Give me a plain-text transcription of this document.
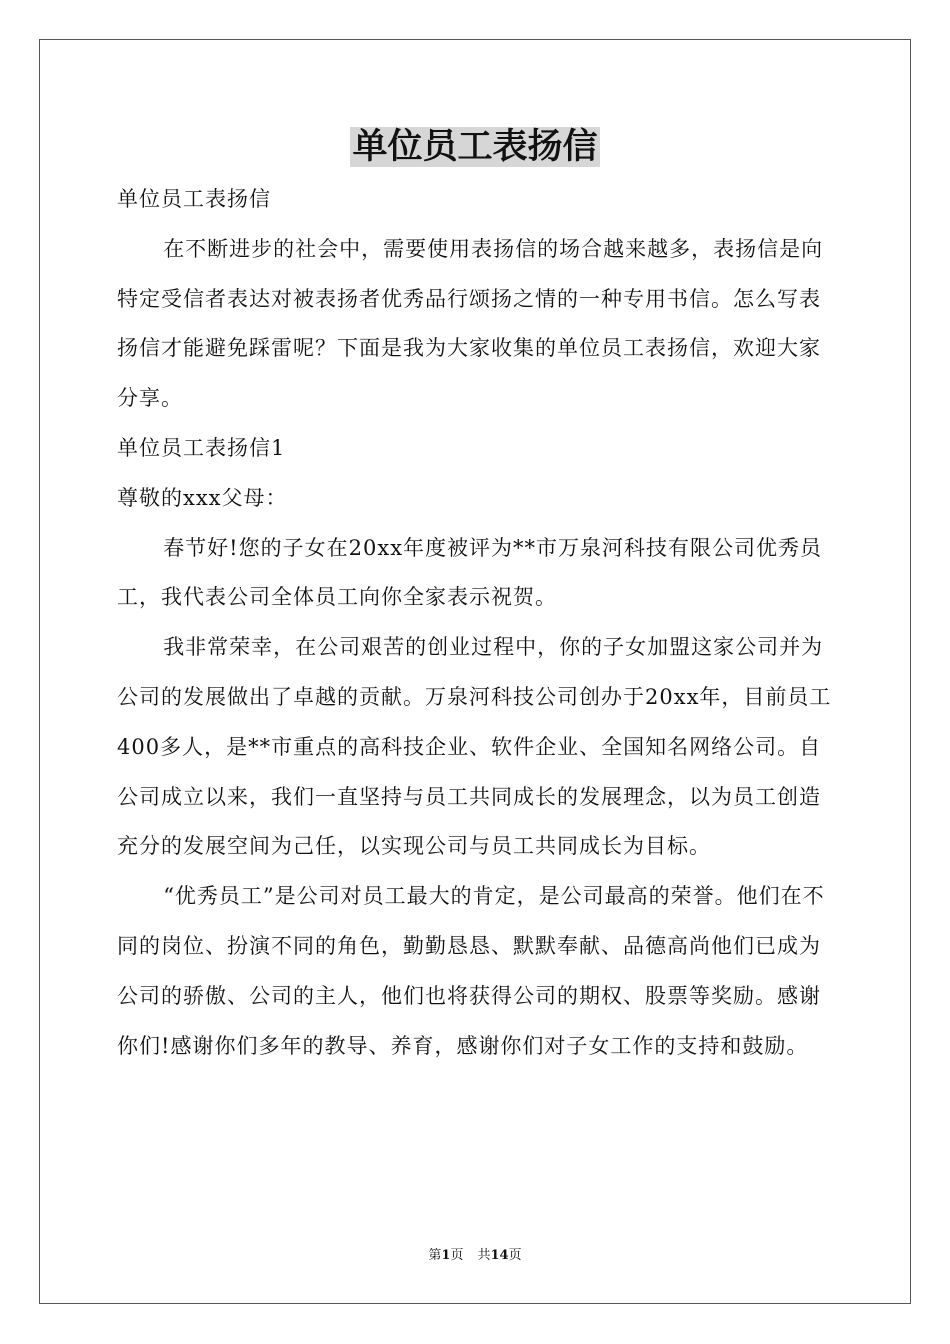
单位员工表扬信

单位员工表扬信

在不断进步的社会中，需要使用表扬信的场合越来越多，表扬信是向特定受信者表达对被表扬者优秀品行颂扬之情的一种专用书信。怎么写表扬信才能避免踩雷呢？下面是我为大家收集的单位员工表扬信，欢迎大家分享。

单位员工表扬信1

尊敬的xxx父母：

春节好!您的子女在20xx年度被评为**市万泉河科技有限公司优秀员工，我代表公司全体员工向你全家表示祝贺。

我非常荣幸，在公司艰苦的创业过程中，你的子女加盟这家公司并为公司的发展做出了卓越的贡献。万泉河科技公司创办于20xx年，目前员工400多人，是**市重点的高科技企业、软件企业、全国知名网络公司。自公司成立以来，我们一直坚持与员工共同成长的发展理念，以为员工创造充分的发展空间为己任，以实现公司与员工共同成长为目标。

“优秀员工”是公司对员工最大的肯定，是公司最高的荣誉。他们在不同的岗位、扮演不同的角色，勤勤恳恳、默默奉献、品德高尚他们已成为公司的骄傲、公司的主人，他们也将获得公司的期权、股票等奖励。感谢你们!感谢你们多年的教导、养育，感谢你们对子女工作的支持和鼓励。

第1页 共14页
